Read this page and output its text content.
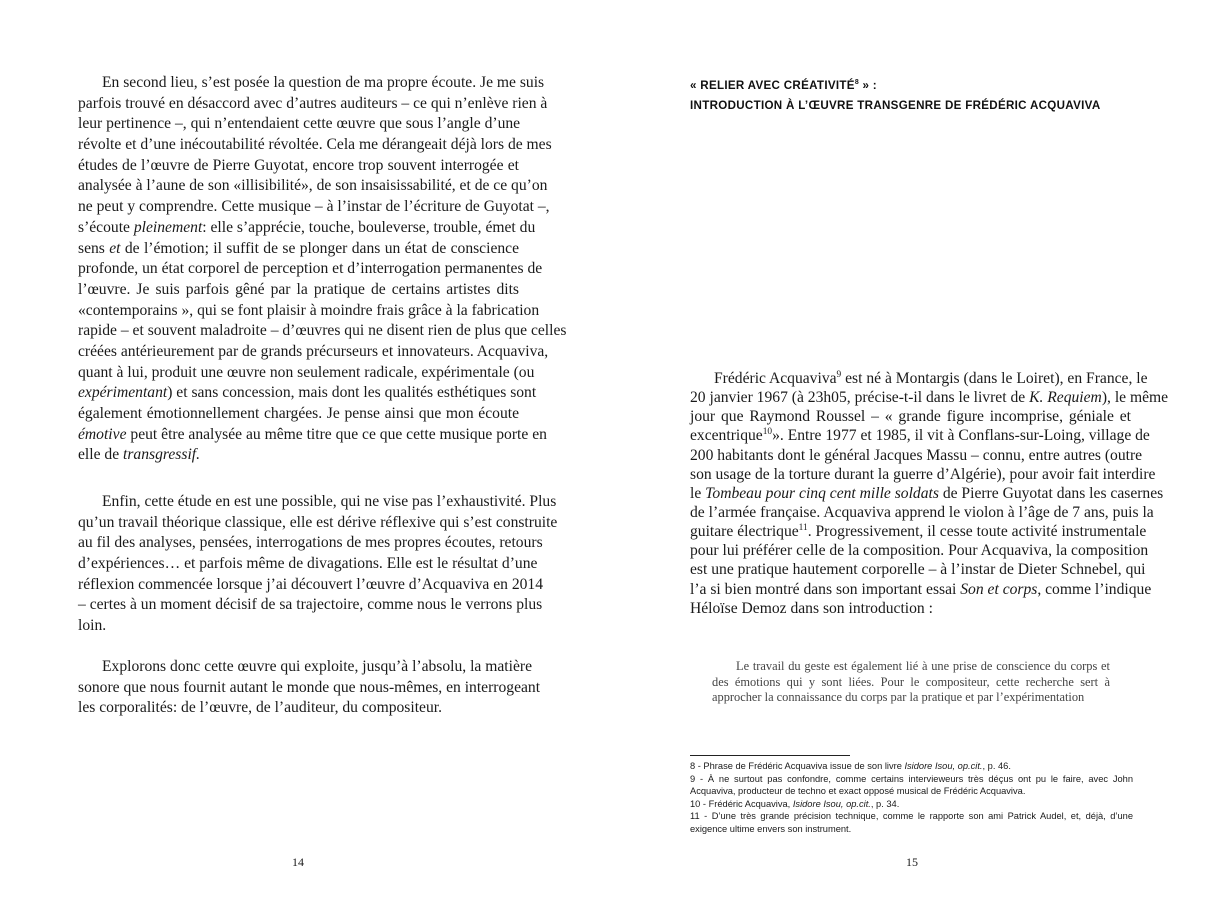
En second lieu, s’est posée la question de ma propre écoute. Je me suis
parfois trouvé en désaccord avec d’autres auditeurs – ce qui n’enlève rien à
leur pertinence –, qui n’entendaient cette œuvre que sous l’angle d’une
révolte et d’une inécoutabilité révoltée. Cela me dérangeait déjà lors de mes
études de l’œuvre de Pierre Guyotat, encore trop souvent interrogée et
analysée à l’aune de son «illisibilité», de son insaisissabilité, et de ce qu’on
ne peut y comprendre. Cette musique – à l’instar de l’écriture de Guyotat –,
s’écoute pleinement: elle s’apprécie, touche, bouleverse, trouble, émet du
sens et de l’émotion; il suffit de se plonger dans un état de conscience
profonde, un état corporel de perception et d’interrogation permanentes de
l’œuvre. Je suis parfois gêné par la pratique de certains artistes dits
«contemporains », qui se font plaisir à moindre frais grâce à la fabrication
rapide – et souvent maladroite – d’œuvres qui ne disent rien de plus que celles
créées antérieurement par de grands précurseurs et innovateurs. Acquaviva,
quant à lui, produit une œuvre non seulement radicale, expérimentale (ou
expérimentant) et sans concession, mais dont les qualités esthétiques sont
également émotionnellement chargées. Je pense ainsi que mon écoute
émotive peut être analysée au même titre que ce que cette musique porte en
elle de transgressif.
Enfin, cette étude en est une possible, qui ne vise pas l’exhaustivité. Plus
qu’un travail théorique classique, elle est dérive réflexive qui s’est construite
au fil des analyses, pensées, interrogations de mes propres écoutes, retours
d’expériences… et parfois même de divagations. Elle est le résultat d’une
réflexion commencée lorsque j’ai découvert l’œuvre d’Acquaviva en 2014
– certes à un moment décisif de sa trajectoire, comme nous le verrons plus
loin.
Explorons donc cette œuvre qui exploite, jusqu’à l’absolu, la matière
sonore que nous fournit autant le monde que nous-mêmes, en interrogeant
les corporalités: de l’œuvre, de l’auditeur, du compositeur.
14
« RELIER AVEC CRÉATIVITÉ$^8$ » :
INTRODUCTION À L’ŒUVRE TRANSGENRE DE FRÉDÉRIC ACQUAVIVA
Frédéric Acquaviva$^9$ est né à Montargis (dans le Loiret), en France, le
20 janvier 1967 (à 23h05, précise-t-il dans le livret de K. Requiem), le même
jour que Raymond Roussel – « grande figure incomprise, géniale et
excentrique$^{10}$». Entre 1977 et 1985, il vit à Conflans-sur-Loing, village de
200 habitants dont le général Jacques Massu – connu, entre autres (outre
son usage de la torture durant la guerre d’Algérie), pour avoir fait interdire
le Tombeau pour cinq cent mille soldats de Pierre Guyotat dans les casernes
de l’armée française. Acquaviva apprend le violon à l’âge de 7 ans, puis la
guitare électrique$^{11}$. Progressivement, il cesse toute activité instrumentale
pour lui préférer celle de la composition. Pour Acquaviva, la composition
est une pratique hautement corporelle – à l’instar de Dieter Schnebel, qui
l’a si bien montré dans son important essai Son et corps, comme l’indique
Héloïse Demoz dans son introduction :
Le travail du geste est également lié à une prise de conscience du corps et
des émotions qui y sont liées. Pour le compositeur, cette recherche sert à
approcher la connaissance du corps par la pratique et par l’expérimentation
8 - Phrase de Frédéric Acquaviva issue de son livre Isidore Isou, op.cit., p. 46.
9 - À ne surtout pas confondre, comme certains intervieweurs très déçus ont pu le faire, avec John
Acquaviva, producteur de techno et exact opposé musical de Frédéric Acquaviva.
10 - Frédéric Acquaviva, Isidore Isou, op.cit., p. 34.
11 - D’une très grande précision technique, comme le rapporte son ami Patrick Audel, et, déjà, d’une
exigence ultime envers son instrument.
15
